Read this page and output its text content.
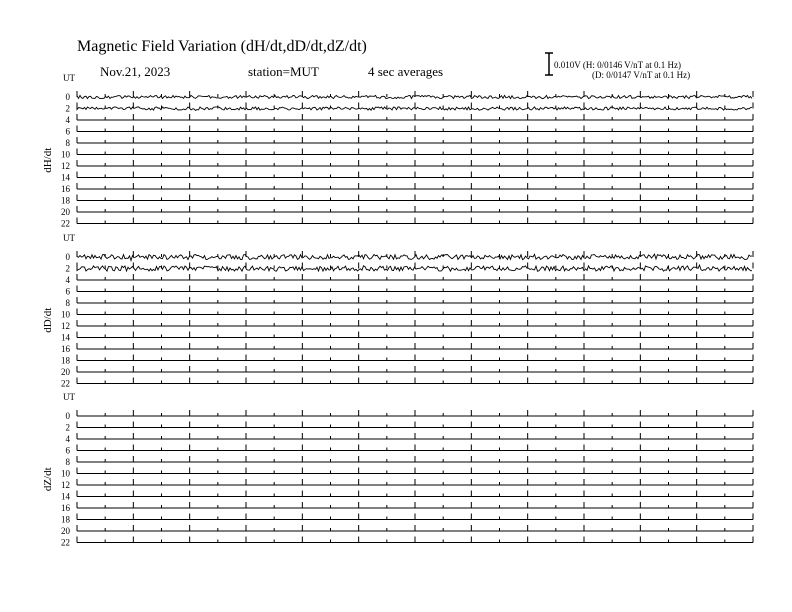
Magnetic Field Variation (dH/dt,dD/dt,dZ/dt)
Nov.21, 2023	station=MUT	4 sec averages	0.010V (H: 0/0146 V/nT at 0.1 Hz)
(D: 0/0147 V/nT at 0.1 Hz)
UT
dH/dt
0
2
4
6
8
10
12
14
16
18
20
22
UT
dD/dt
0
2
4
6
8
10
12
14
16
18
20
22
UT
dZ/dt
0
2
4
6
8
10
12
14
16
18
20
22
